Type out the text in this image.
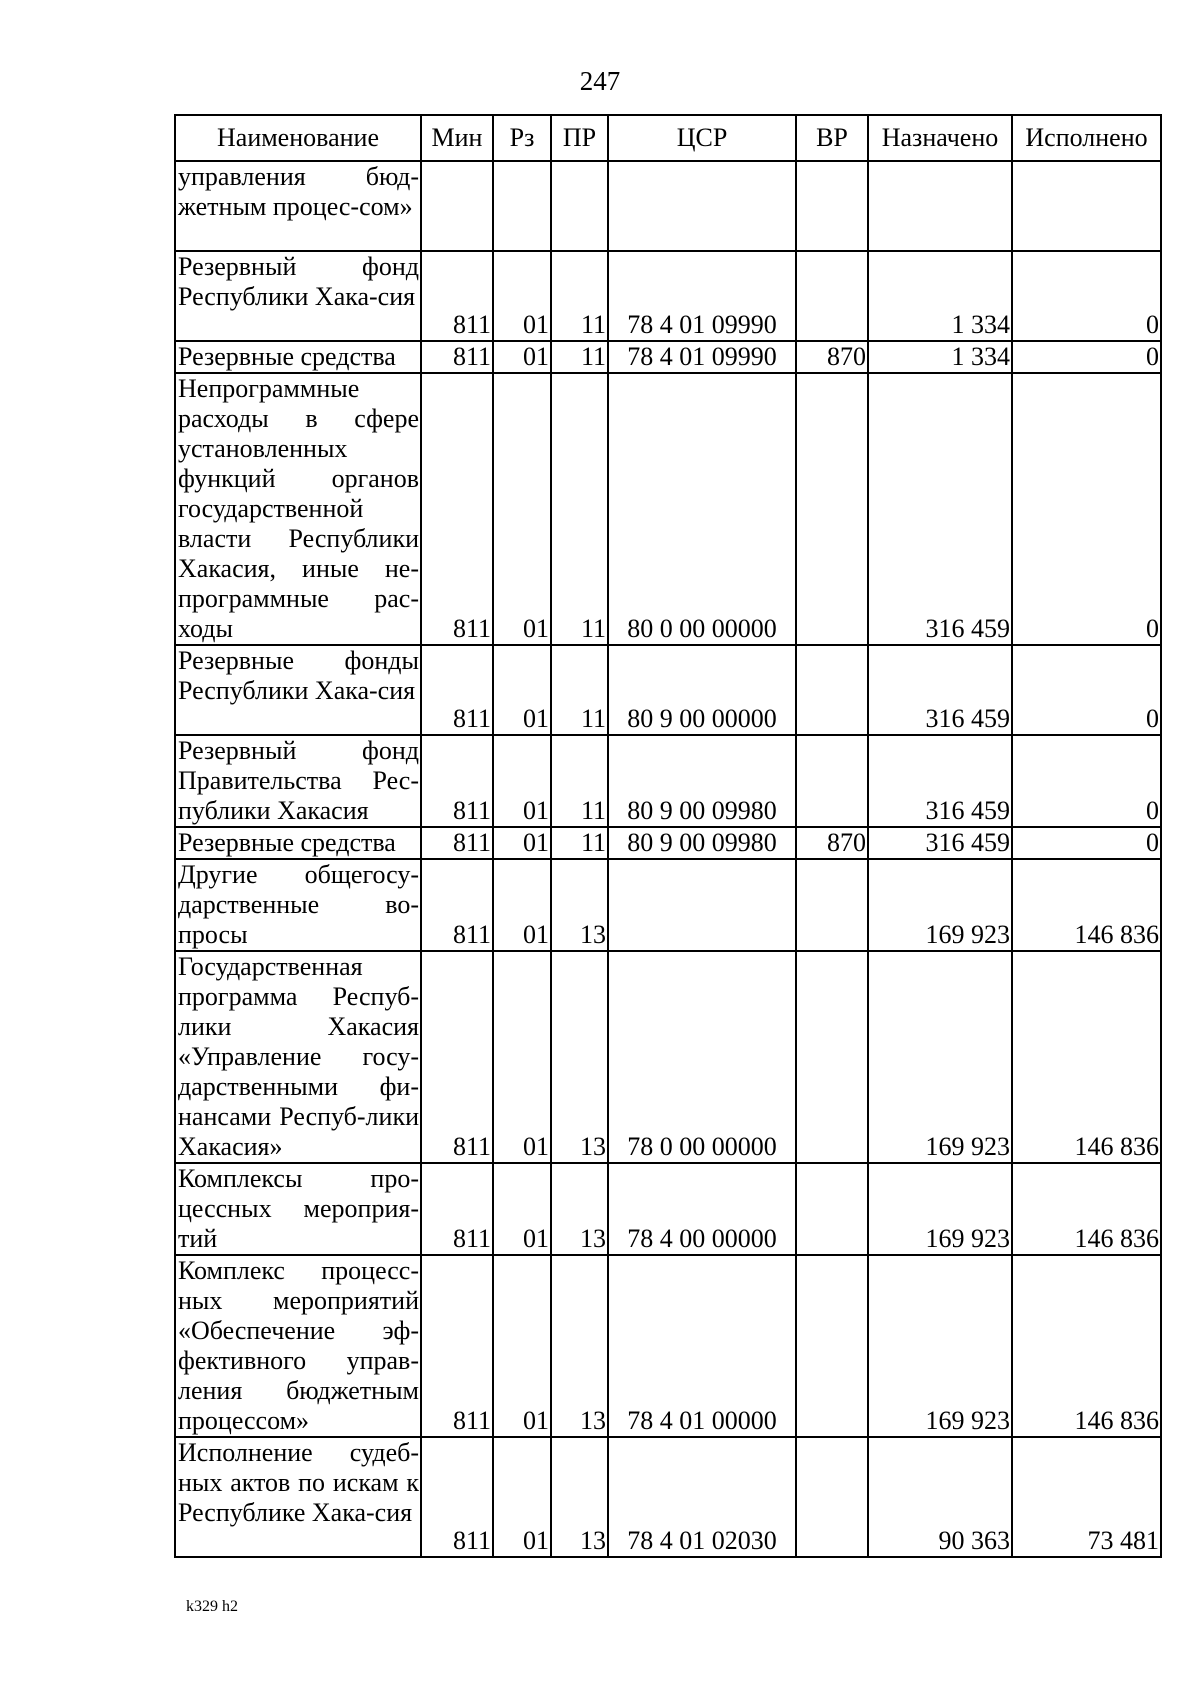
247
Наименование	Мин	Рз	ПР	ЦСР	ВР	Назначено	Исполнено
управления бюд-жетным процес-сом»							
Резервный фонд Республики Хака-сия	811	01	11	78 4 01 09990		1 334	0
Резервные средства	811	01	11	78 4 01 09990	870	1 334	0
Непрограммные расходы в сфере установленных функций органов государственной власти Республики Хакасия, иные не-программные рас-ходы	811	01	11	80 0 00 00000		316 459	0
Резервные фонды Республики Хака-сия	811	01	11	80 9 00 00000		316 459	0
Резервный фонд Правительства Рес-публики Хакасия	811	01	11	80 9 00 09980		316 459	0
Резервные средства	811	01	11	80 9 00 09980	870	316 459	0
Другие общегосу-дарственные во-просы	811	01	13			169 923	146 836
Государственная программа Респуб-лики Хакасия «Управление госу-дарственными фи-нансами Респуб-лики Хакасия»	811	01	13	78 0 00 00000		169 923	146 836
Комплексы про-цессных мероприя-тий	811	01	13	78 4 00 00000		169 923	146 836
Комплекс процесс-ных мероприятий «Обеспечение эф-фективного управ-ления бюджетным процессом»	811	01	13	78 4 01 00000		169 923	146 836
Исполнение судеб-ных актов по искам к Республике Хака-сия	811	01	13	78 4 01 02030		90 363	73 481
k329 h2
